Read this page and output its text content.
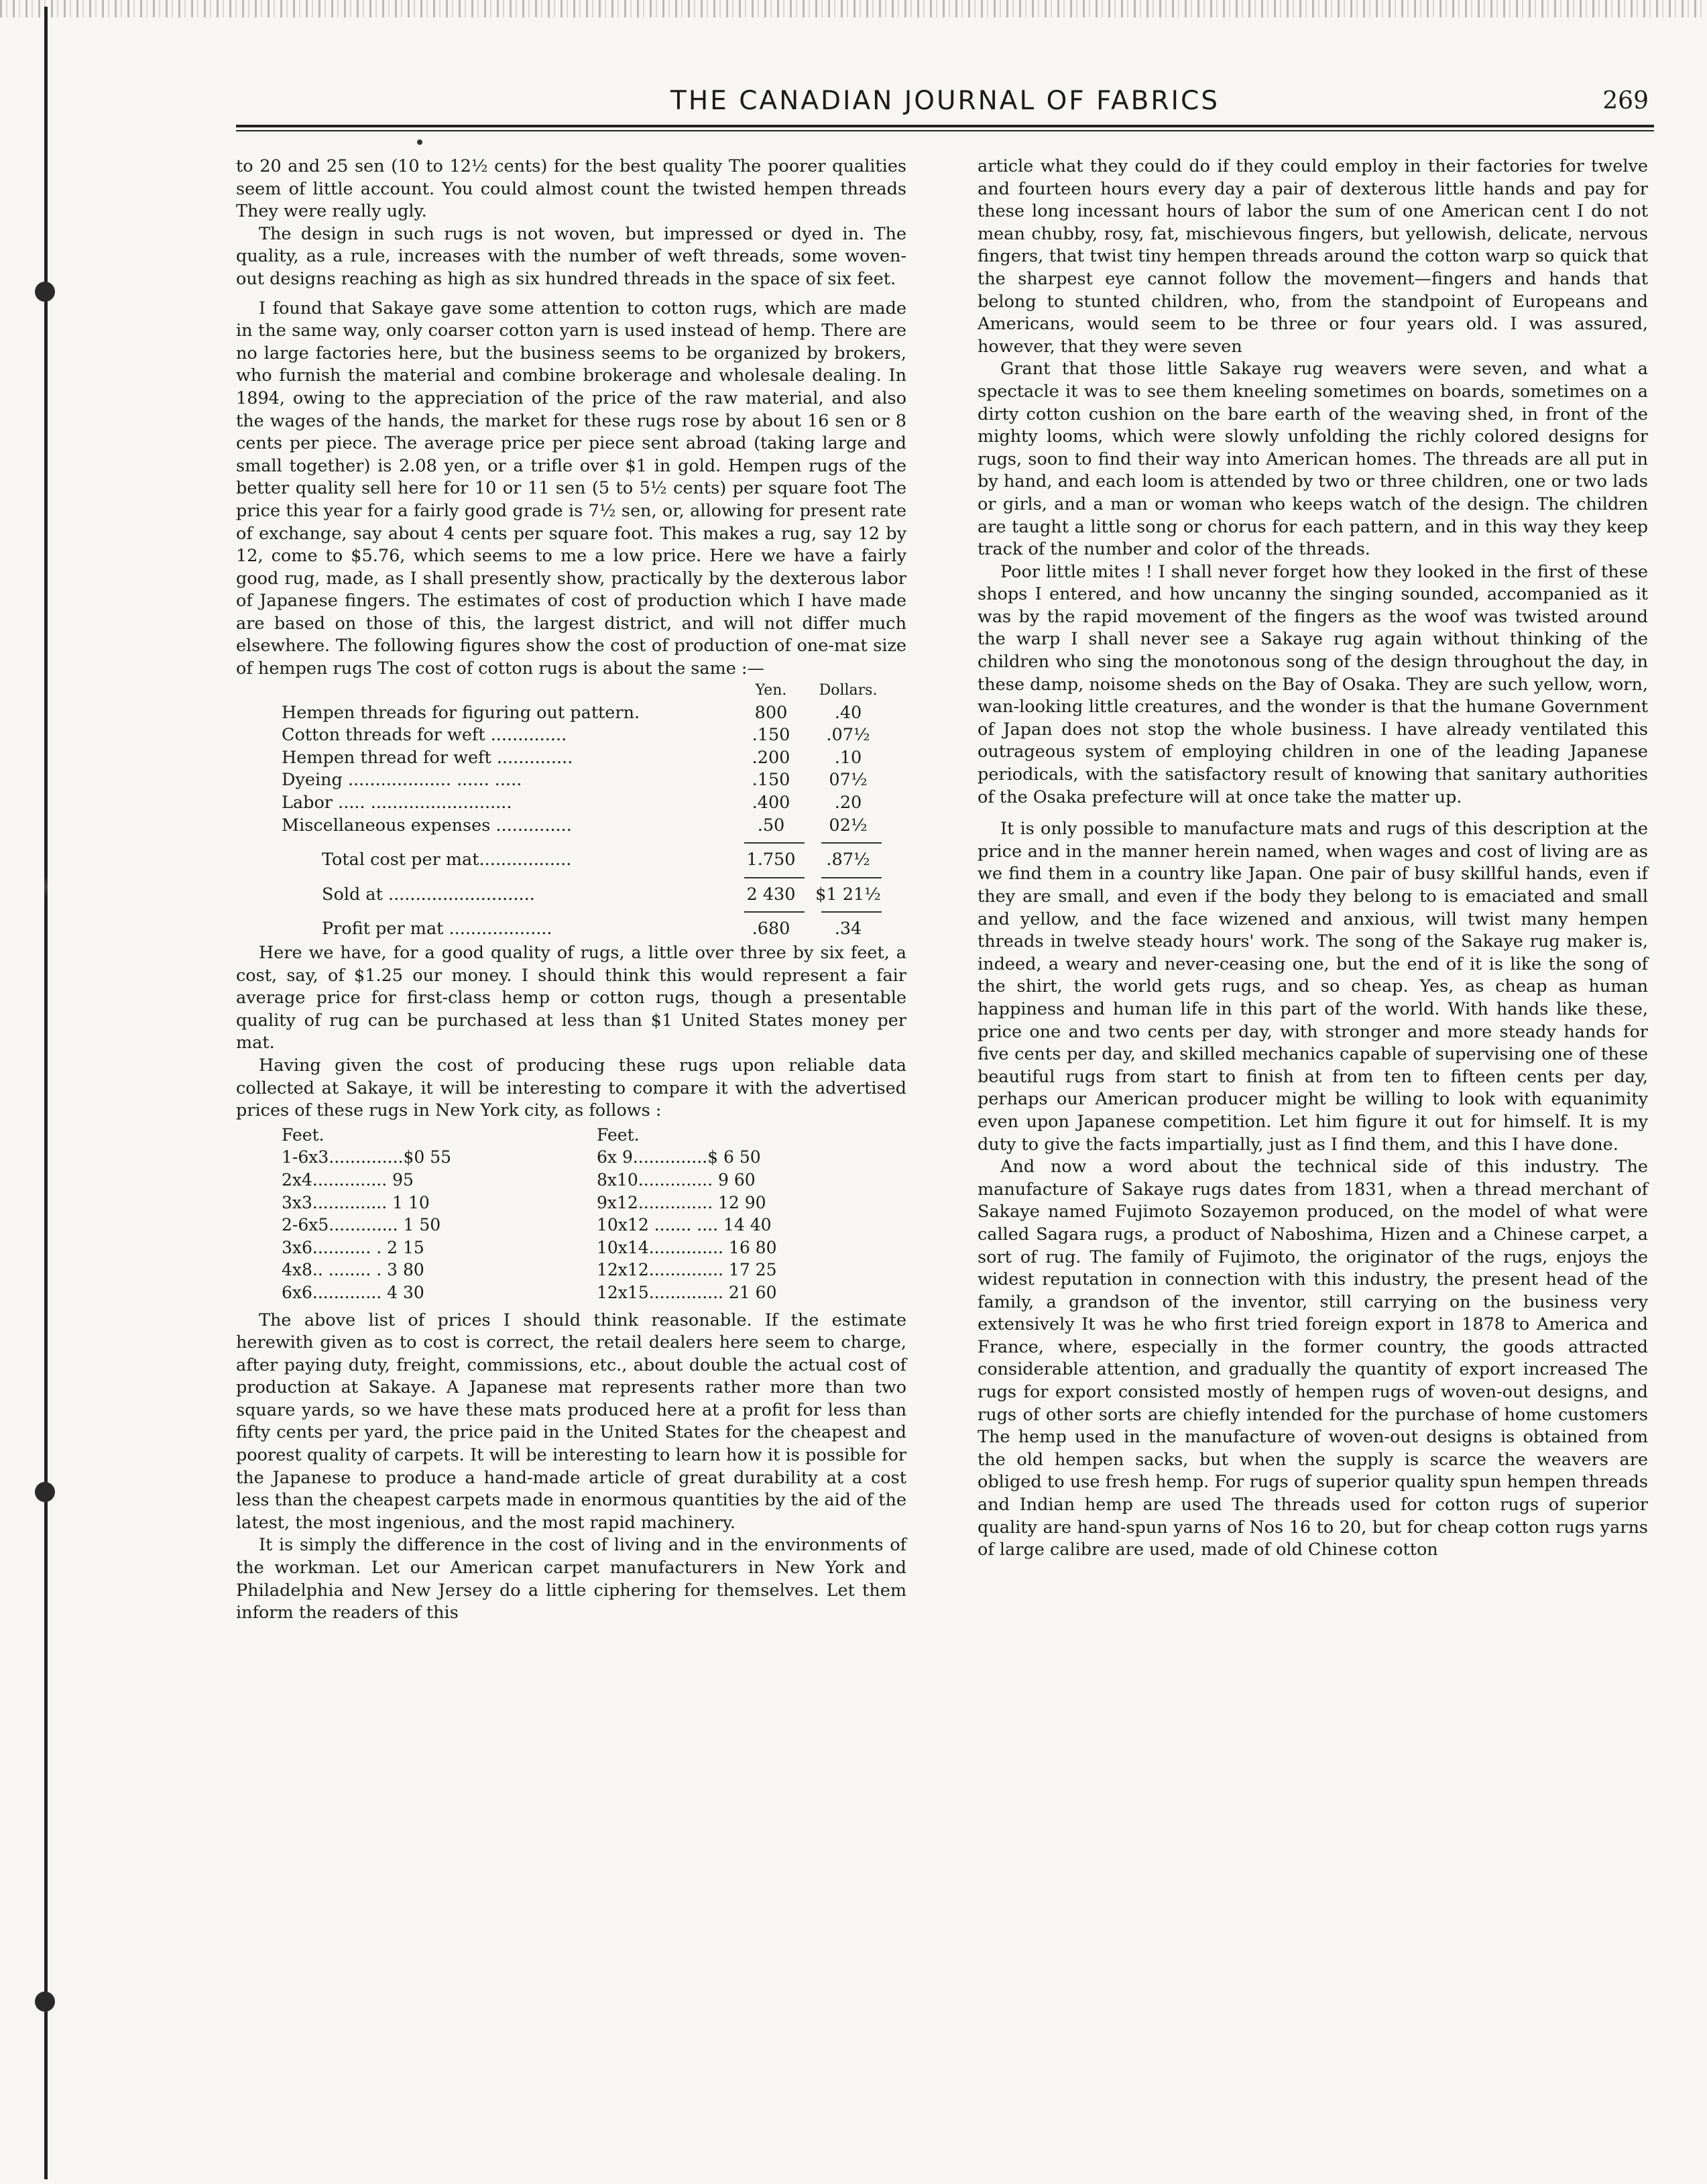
THE CANADIAN JOURNAL OF FABRICS	269

to 20 and 25 sen (10 to 12½ cents) for the best quality The poorer qualities seem of little account. You could almost count the twisted hempen threads They were really ugly.

The design in such rugs is not woven, but impressed or dyed in. The quality, as a rule, increases with the number of weft threads, some woven-out designs reaching as high as six hundred threads in the space of six feet.

I found that Sakaye gave some attention to cotton rugs, which are made in the same way, only coarser cotton yarn is used instead of hemp. There are no large factories here, but the business seems to be organized by brokers, who furnish the material and combine brokerage and wholesale dealing. In 1894, owing to the appreciation of the price of the raw material, and also the wages of the hands, the market for these rugs rose by about 16 sen or 8 cents per piece. The average price per piece sent abroad (taking large and small together) is 2.08 yen, or a trifle over $1 in gold. Hempen rugs of the better quality sell here for 10 or 11 sen (5 to 5½ cents) per square foot The price this year for a fairly good grade is 7½ sen, or, allowing for present rate of exchange, say about 4 cents per square foot. This makes a rug, say 12 by 12, come to $5.76, which seems to me a low price. Here we have a fairly good rug, made, as I shall presently show, practically by the dexterous labor of Japanese fingers. The estimates of cost of production which I have made are based on those of this, the largest district, and will not differ much elsewhere. The following figures show the cost of production of one-mat size of hempen rugs The cost of cotton rugs is about the same :—

Yen.	Dollars.
Hempen threads for figuring out pattern.	800	.40
Cotton threads for weft ..............	.150	.07½
Hempen thread for weft ..............	.200	.10
Dyeing ................... ...... .....	.150	07½
Labor ..... ..........................	.400	.20
Miscellaneous expenses ..............	.50	02½
Total cost per mat.................	1.750	.87½
Sold at ...........................	2 430	$1 21½
Profit per mat ...................	.680	.34

Here we have, for a good quality of rugs, a little over three by six feet, a cost, say, of $1.25 our money. I should think this would represent a fair average price for first-class hemp or cotton rugs, though a presentable quality of rug can be purchased at less than $1 United States money per mat.

Having given the cost of producing these rugs upon reliable data collected at Sakaye, it will be interesting to compare it with the advertised prices of these rugs in New York city, as follows :

Feet.	Feet.
1-6x3..............$0 55	6x 9..............$ 6 50
2x4.............. 95	8x10.............. 9 60
3x3.............. 1 10	9x12.............. 12 90
2-6x5............. 1 50	10x12 ....... .... 14 40
3x6........... . 2 15	10x14.............. 16 80
4x8.. ........ . 3 80	12x12.............. 17 25
6x6............. 4 30	12x15.............. 21 60

The above list of prices I should think reasonable. If the estimate herewith given as to cost is correct, the retail dealers here seem to charge, after paying duty, freight, commissions, etc., about double the actual cost of production at Sakaye. A Japanese mat represents rather more than two square yards, so we have these mats produced here at a profit for less than fifty cents per yard, the price paid in the United States for the cheapest and poorest quality of carpets. It will be interesting to learn how it is possible for the Japanese to produce a hand-made article of great durability at a cost less than the cheapest carpets made in enormous quantities by the aid of the latest, the most ingenious, and the most rapid machinery.

It is simply the difference in the cost of living and in the environments of the workman. Let our American carpet manufacturers in New York and Philadelphia and New Jersey do a little ciphering for themselves. Let them inform the readers of this

article what they could do if they could employ in their factories for twelve and fourteen hours every day a pair of dexterous little hands and pay for these long incessant hours of labor the sum of one American cent I do not mean chubby, rosy, fat, mischievous fingers, but yellowish, delicate, nervous fingers, that twist tiny hempen threads around the cotton warp so quick that the sharpest eye cannot follow the movement—fingers and hands that belong to stunted children, who, from the standpoint of Europeans and Americans, would seem to be three or four years old. I was assured, however, that they were seven

Grant that those little Sakaye rug weavers were seven, and what a spectacle it was to see them kneeling sometimes on boards, sometimes on a dirty cotton cushion on the bare earth of the weaving shed, in front of the mighty looms, which were slowly unfolding the richly colored designs for rugs, soon to find their way into American homes. The threads are all put in by hand, and each loom is attended by two or three children, one or two lads or girls, and a man or woman who keeps watch of the design. The children are taught a little song or chorus for each pattern, and in this way they keep track of the number and color of the threads.

Poor little mites ! I shall never forget how they looked in the first of these shops I entered, and how uncanny the singing sounded, accompanied as it was by the rapid movement of the fingers as the woof was twisted around the warp I shall never see a Sakaye rug again without thinking of the children who sing the monotonous song of the design throughout the day, in these damp, noisome sheds on the Bay of Osaka. They are such yellow, worn, wan-looking little creatures, and the wonder is that the humane Government of Japan does not stop the whole business. I have already ventilated this outrageous system of employing children in one of the leading Japanese periodicals, with the satisfactory result of knowing that sanitary authorities of the Osaka prefecture will at once take the matter up.

It is only possible to manufacture mats and rugs of this description at the price and in the manner herein named, when wages and cost of living are as we find them in a country like Japan. One pair of busy skillful hands, even if they are small, and even if the body they belong to is emaciated and small and yellow, and the face wizened and anxious, will twist many hempen threads in twelve steady hours' work. The song of the Sakaye rug maker is, indeed, a weary and never-ceasing one, but the end of it is like the song of the shirt, the world gets rugs, and so cheap. Yes, as cheap as human happiness and human life in this part of the world. With hands like these, price one and two cents per day, with stronger and more steady hands for five cents per day, and skilled mechanics capable of supervising one of these beautiful rugs from start to finish at from ten to fifteen cents per day, perhaps our American producer might be willing to look with equanimity even upon Japanese competition. Let him figure it out for himself. It is my duty to give the facts impartially, just as I find them, and this I have done.

And now a word about the technical side of this industry. The manufacture of Sakaye rugs dates from 1831, when a thread merchant of Sakaye named Fujimoto Sozayemon produced, on the model of what were called Sagara rugs, a product of Naboshima, Hizen and a Chinese carpet, a sort of rug. The family of Fujimoto, the originator of the rugs, enjoys the widest reputation in connection with this industry, the present head of the family, a grandson of the inventor, still carrying on the business very extensively It was he who first tried foreign export in 1878 to America and France, where, especially in the former country, the goods attracted considerable attention, and gradually the quantity of export increased The rugs for export consisted mostly of hempen rugs of woven-out designs, and rugs of other sorts are chiefly intended for the purchase of home customers The hemp used in the manufacture of woven-out designs is obtained from the old hempen sacks, but when the supply is scarce the weavers are obliged to use fresh hemp. For rugs of superior quality spun hempen threads and Indian hemp are used The threads used for cotton rugs of superior quality are hand-spun yarns of Nos 16 to 20, but for cheap cotton rugs yarns of large calibre are used, made of old Chinese cotton
